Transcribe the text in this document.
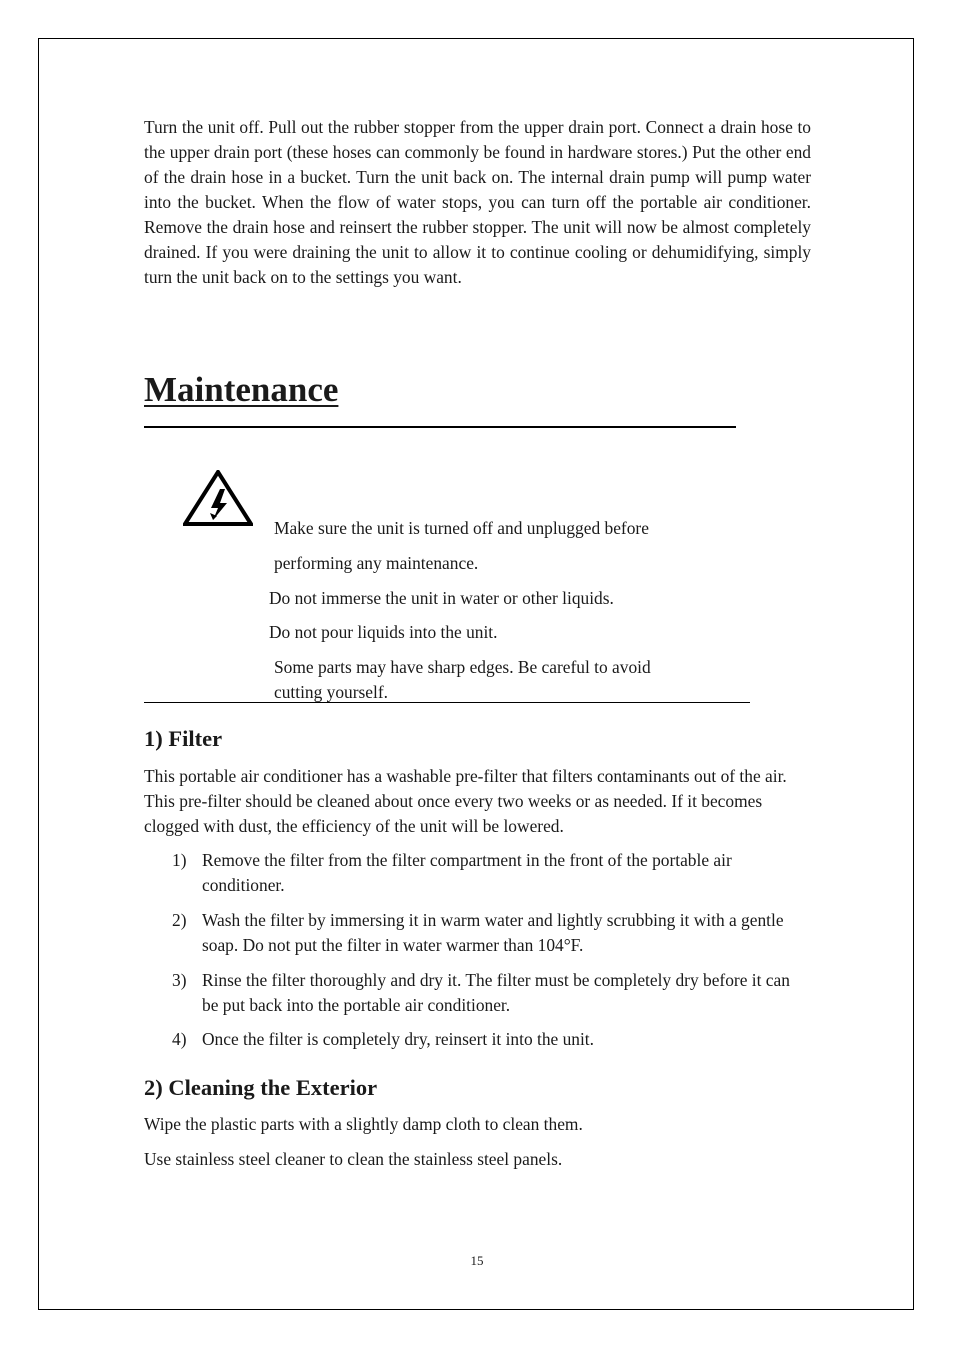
Turn the unit off. Pull out the rubber stopper from the upper drain port. Connect a drain hose to the upper drain port (these hoses can commonly be found in hardware stores.) Put the other end of the drain hose in a bucket. Turn the unit back on. The internal drain pump will pump water into the bucket. When the flow of water stops, you can turn off the portable air conditioner. Remove the drain hose and reinsert the rubber stopper. The unit will now be almost completely drained. If you were draining the unit to allow it to continue cooling or dehumidifying, simply turn the unit back on to the settings you want.

Maintenance

Make sure the unit is turned off and unplugged before

performing any maintenance.

Do not immerse the unit in water or other liquids.

Do not pour liquids into the unit.

Some parts may have sharp edges. Be careful to avoid

cutting yourself.

1) Filter

This portable air conditioner has a washable pre-filter that filters contaminants out of the air. This pre-filter should be cleaned about once every two weeks or as needed. If it becomes clogged with dust, the efficiency of the unit will be lowered.

1) Remove the filter from the filter compartment in the front of the portable air conditioner.
2) Wash the filter by immersing it in warm water and lightly scrubbing it with a gentle soap. Do not put the filter in water warmer than 104°F.
3) Rinse the filter thoroughly and dry it. The filter must be completely dry before it can be put back into the portable air conditioner.
4) Once the filter is completely dry, reinsert it into the unit.
2) Cleaning the Exterior

Wipe the plastic parts with a slightly damp cloth to clean them.

Use stainless steel cleaner to clean the stainless steel panels.

15
